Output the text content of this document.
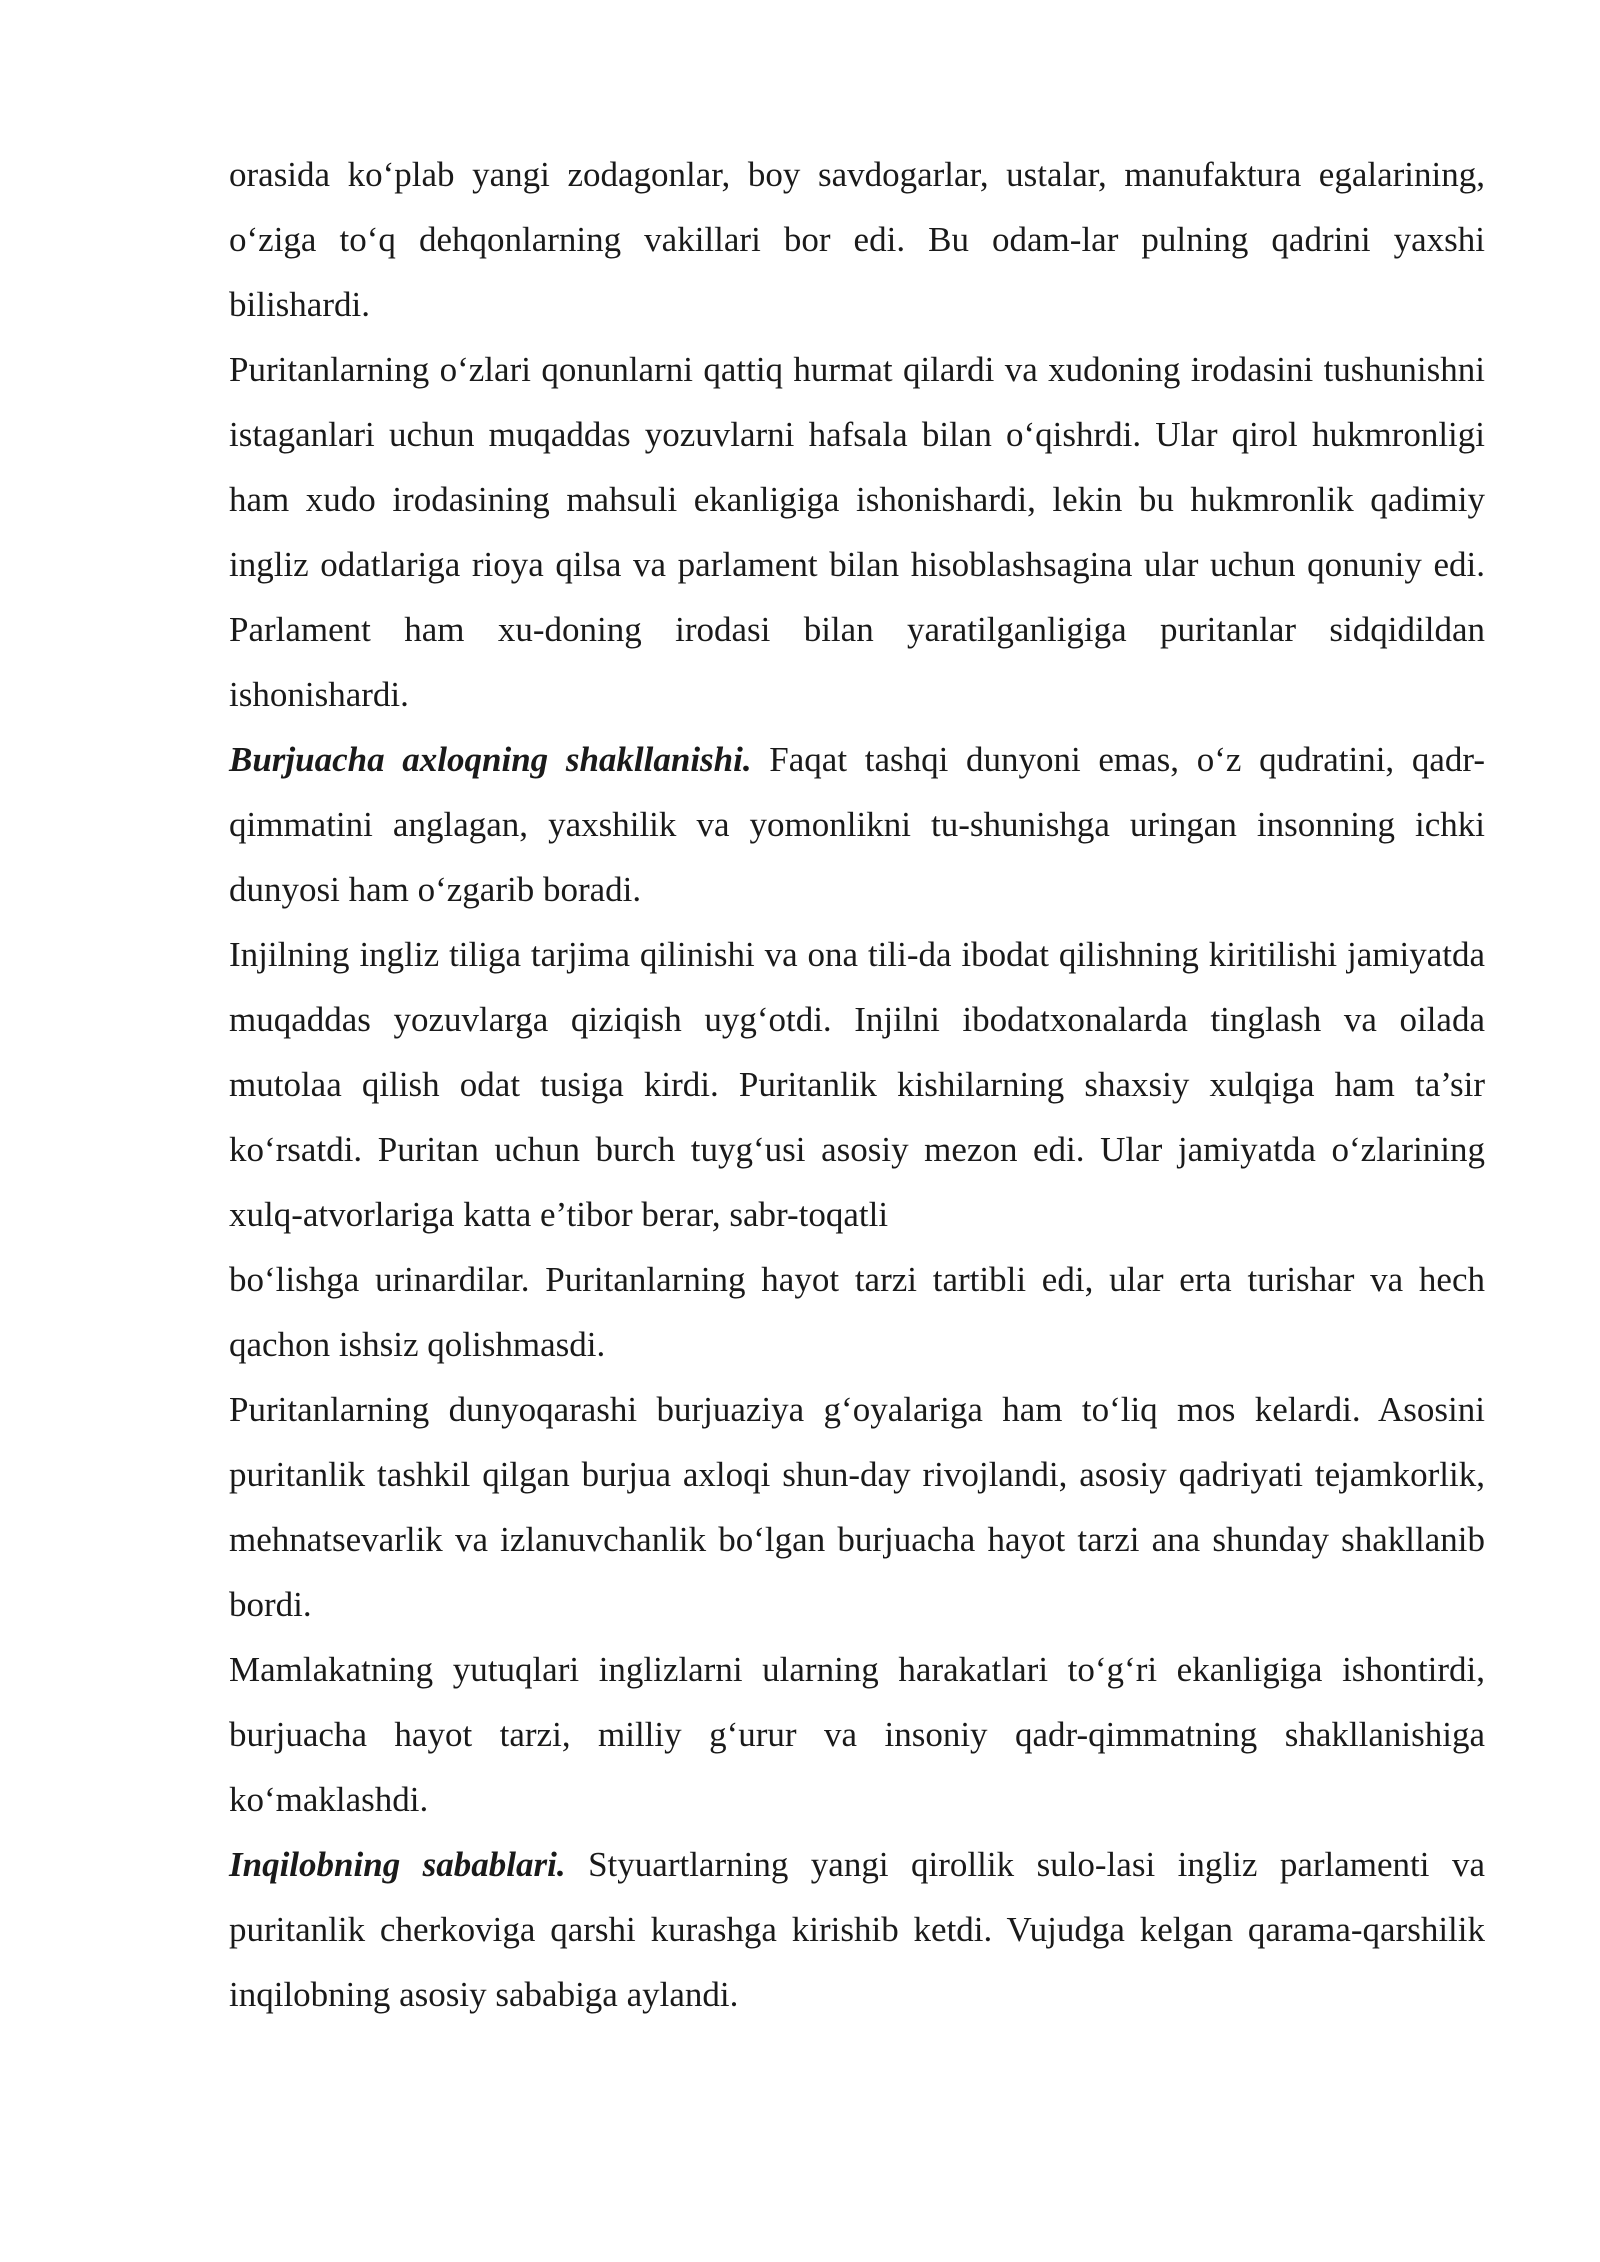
orasida ko‘plab yangi zodagonlar, boy savdogarlar, ustalar, manufaktura egalarining, o‘ziga to‘q dehqonlarning vakillari bor edi. Bu odam-lar pulning qadrini yaxshi bilishardi.

Puritanlarning o‘zlari qonunlarni qattiq hurmat qilardi va xudoning irodasini tushunishni istaganlari uchun muqaddas yozuvlarni hafsala bilan o‘qishrdi. Ular qirol hukmronligi ham xudo irodasining mahsuli ekanligiga ishonishardi, lekin bu hukmronlik qadimiy ingliz odatlariga rioya qilsa va parlament bilan hisoblashsagina ular uchun qonuniy edi. Parlament ham xu-doning irodasi bilan yaratilganligiga puritanlar sidqidildan ishonishardi.

Burjuacha axloqning shakllanishi. Faqat tashqi dunyoni emas, o‘z qudratini, qadr-qimmatini anglagan, yaxshilik va yomonlikni tu-shunishga uringan insonning ichki dunyosi ham o‘zgarib boradi.

Injilning ingliz tiliga tarjima qilinishi va ona tili-da ibodat qilishning kiritilishi jamiyatda muqaddas yozuvlarga qiziqish uyg‘otdi. Injilni ibodatxonalarda tinglash va oilada mutolaa qilish odat tusiga kirdi. Puritanlik kishilarning shaxsiy xulqiga ham ta’sir ko‘rsatdi. Puritan uchun burch tuyg‘usi asosiy mezon edi. Ular jamiyatda o‘zlarining xulq-atvorlariga katta e’tibor berar, sabr-toqatli

bo‘lishga urinardilar. Puritanlarning hayot tarzi tartibli edi, ular erta turishar va hech qachon ishsiz qolishmasdi.

Puritanlarning dunyoqarashi burjuaziya g‘oyalariga ham to‘liq mos kelardi. Asosini puritanlik tashkil qilgan burjua axloqi shun-day rivojlandi, asosiy qadriyati tejamkorlik, mehnatsevarlik va izlanuvchanlik bo‘lgan burjuacha hayot tarzi ana shunday shakllanib bordi.

Mamlakatning yutuqlari inglizlarni ularning harakatlari to‘g‘ri ekanligiga ishontirdi, burjuacha hayot tarzi, milliy g‘urur va insoniy qadr-qimmatning shakllanishiga ko‘maklashdi.

Inqilobning sabablari. Styuartlarning yangi qirollik sulo-lasi ingliz parlamenti va puritanlik cherkoviga qarshi kurashga kirishib ketdi. Vujudga kelgan qarama-qarshilik inqilobning asosiy sababiga aylandi.
